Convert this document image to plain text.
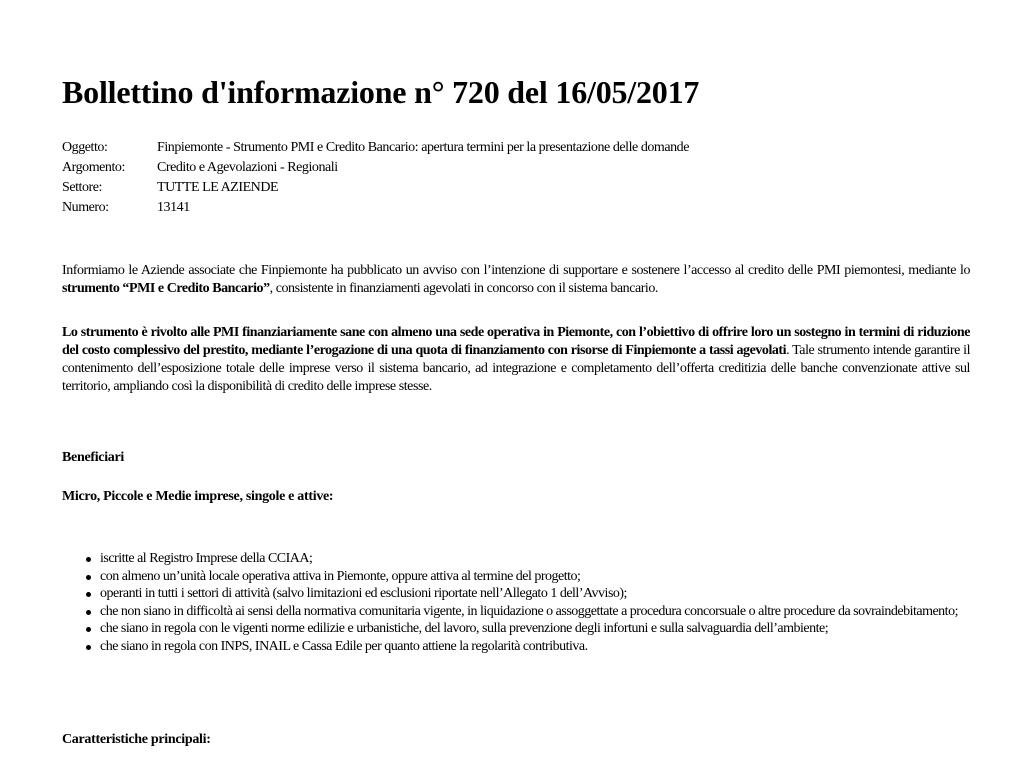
Bollettino d'informazione n° 720 del 16/05/2017
Oggetto:	Finpiemonte - Strumento PMI e Credito Bancario: apertura termini per la presentazione delle domande
Argomento:	Credito e Agevolazioni - Regionali
Settore:	TUTTE LE AZIENDE
Numero:	13141

Informiamo le Aziende associate che Finpiemonte ha pubblicato un avviso con l’intenzione di supportare e sostenere l’accesso al credito delle PMI piemontesi, mediante lo strumento “PMI e Credito Bancario”, consistente in finanziamenti agevolati in concorso con il sistema bancario.

Lo strumento è rivolto alle PMI finanziariamente sane con almeno una sede operativa in Piemonte, con l’obiettivo di offrire loro un sostegno in termini di riduzione del costo complessivo del prestito, mediante l’erogazione di una quota di finanziamento con risorse di Finpiemonte a tassi agevolati. Tale strumento intende garantire il contenimento dell’esposizione totale delle imprese verso il sistema bancario, ad integrazione e completamento dell’offerta creditizia delle banche convenzionate attive sul territorio, ampliando così la disponibilità di credito delle imprese stesse.

Beneficiari

Micro, Piccole e Medie imprese, singole e attive:

iscritte al Registro Imprese della CCIAA;
con almeno un’unità locale operativa attiva in Piemonte, oppure attiva al termine del progetto;
operanti in tutti i settori di attività (salvo limitazioni ed esclusioni riportate nell’Allegato 1 dell’Avviso);
che non siano in difficoltà ai sensi della normativa comunitaria vigente, in liquidazione o assoggettate a procedura concorsuale o altre procedure da sovraindebitamento;
che siano in regola con le vigenti norme edilizie e urbanistiche, del lavoro, sulla prevenzione degli infortuni e sulla salvaguardia dell’ambiente;
che siano in regola con INPS, INAIL e Cassa Edile per quanto attiene la regolarità contributiva.

Caratteristiche principali:
